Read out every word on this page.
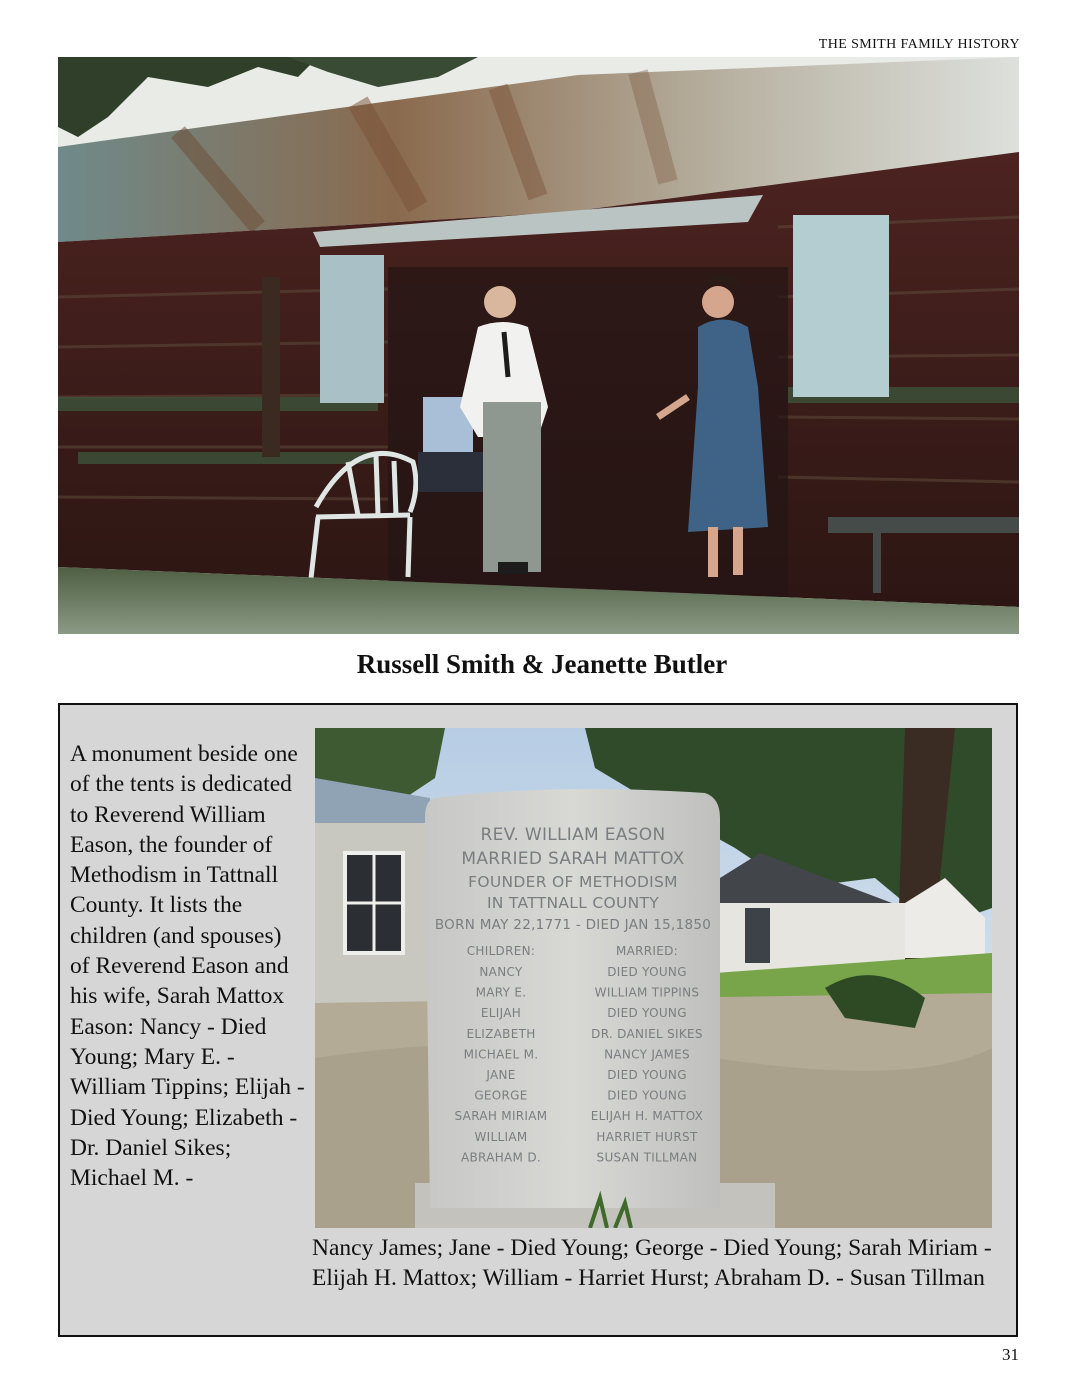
THE SMITH FAMILY HISTORY
Russell Smith & Jeanette Butler
A monument beside one of the tents is dedicated to Reverend William Eason, the founder of Methodism in Tattnall County. It lists the children (and spouses) of Reverend Eason and his wife, Sarah Mattox Eason: Nancy - Died Young; Mary E. - William Tippins; Elijah - Died Young; Elizabeth - Dr. Daniel Sikes; Michael M. -
REV. WILLIAM EASON
MARRIED SARAH MATTOX
FOUNDER OF METHODISM
IN TATTNALL COUNTY
BORN MAY 22,1771 - DIED JAN 15,1850
CHILDREN:	MARRIED:
NANCY	DIED YOUNG
MARY E.	WILLIAM TIPPINS
ELIJAH	DIED YOUNG
ELIZABETH	DR. DANIEL SIKES
MICHAEL M.	NANCY JAMES
JANE	DIED YOUNG
GEORGE	DIED YOUNG
SARAH MIRIAM	ELIJAH H. MATTOX
WILLIAM	HARRIET HURST
ABRAHAM D.	SUSAN TILLMAN
Nancy James; Jane - Died Young; George - Died Young; Sarah Miriam - Elijah H. Mattox; William - Harriet Hurst; Abraham D. - Susan Tillman
31
